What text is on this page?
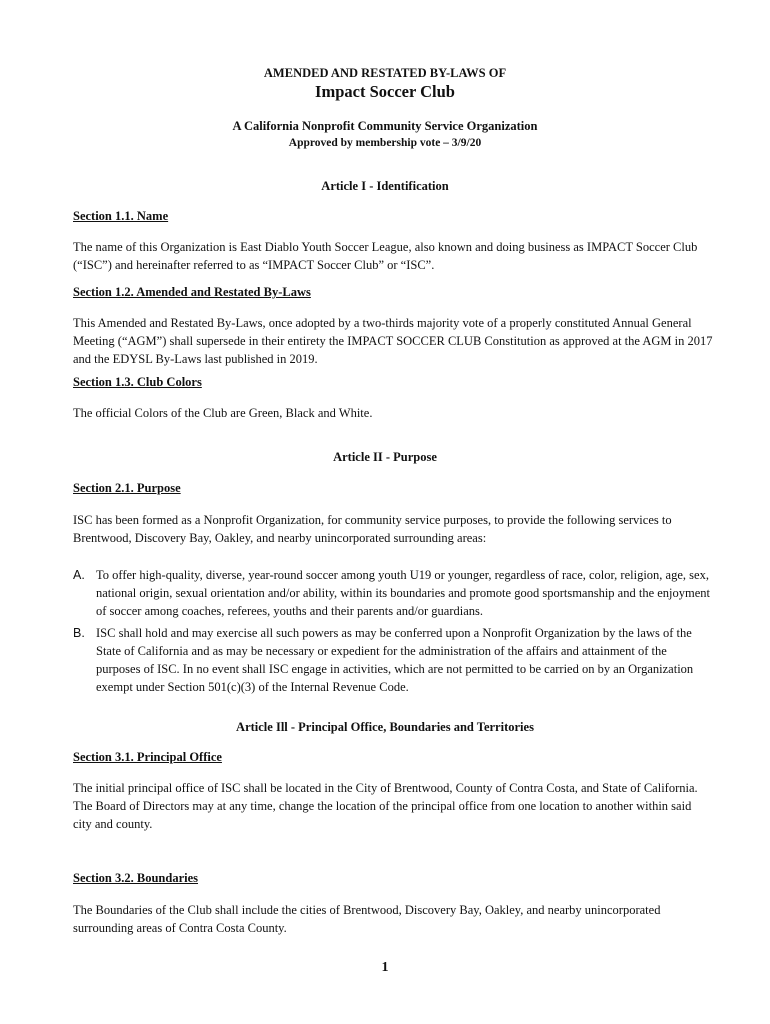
AMENDED AND RESTATED BY-LAWS OF
Impact Soccer Club
A California Nonprofit Community Service Organization
Approved by membership vote – 3/9/20
Article I - Identification
Section 1.1. Name
The name of this Organization is East Diablo Youth Soccer League, also known and doing business as IMPACT Soccer Club (“ISC”) and hereinafter referred to as “IMPACT Soccer Club” or “ISC”.
Section 1.2. Amended and Restated By-Laws
This Amended and Restated By-Laws, once adopted by a two-thirds majority vote of a properly constituted Annual General Meeting (“AGM”) shall supersede in their entirety the IMPACT SOCCER CLUB Constitution as approved at the AGM in 2017 and the EDYSL By-Laws last published in 2019.
Section 1.3. Club Colors
The official Colors of the Club are Green, Black and White.
Article II - Purpose
Section 2.1. Purpose
ISC has been formed as a Nonprofit Organization, for community service purposes, to provide the following services to Brentwood, Discovery Bay, Oakley, and nearby unincorporated surrounding areas:
A. To offer high-quality, diverse, year-round soccer among youth U19 or younger, regardless of race, color, religion, age, sex, national origin, sexual orientation and/or ability, within its boundaries and promote good sportsmanship and the enjoyment of soccer among coaches, referees, youths and their parents and/or guardians.
B. ISC shall hold and may exercise all such powers as may be conferred upon a Nonprofit Organization by the laws of the State of California and as may be necessary or expedient for the administration of the affairs and attainment of the purposes of ISC. In no event shall ISC engage in activities, which are not permitted to be carried on by an Organization exempt under Section 501(c)(3) of the Internal Revenue Code.
Article Ill - Principal Office, Boundaries and Territories
Section 3.1. Principal Office
The initial principal office of ISC shall be located in the City of Brentwood, County of Contra Costa, and State of California. The Board of Directors may at any time, change the location of the principal office from one location to another within said city and county.
Section 3.2. Boundaries
The Boundaries of the Club shall include the cities of Brentwood, Discovery Bay, Oakley, and nearby unincorporated surrounding areas of Contra Costa County.
1
